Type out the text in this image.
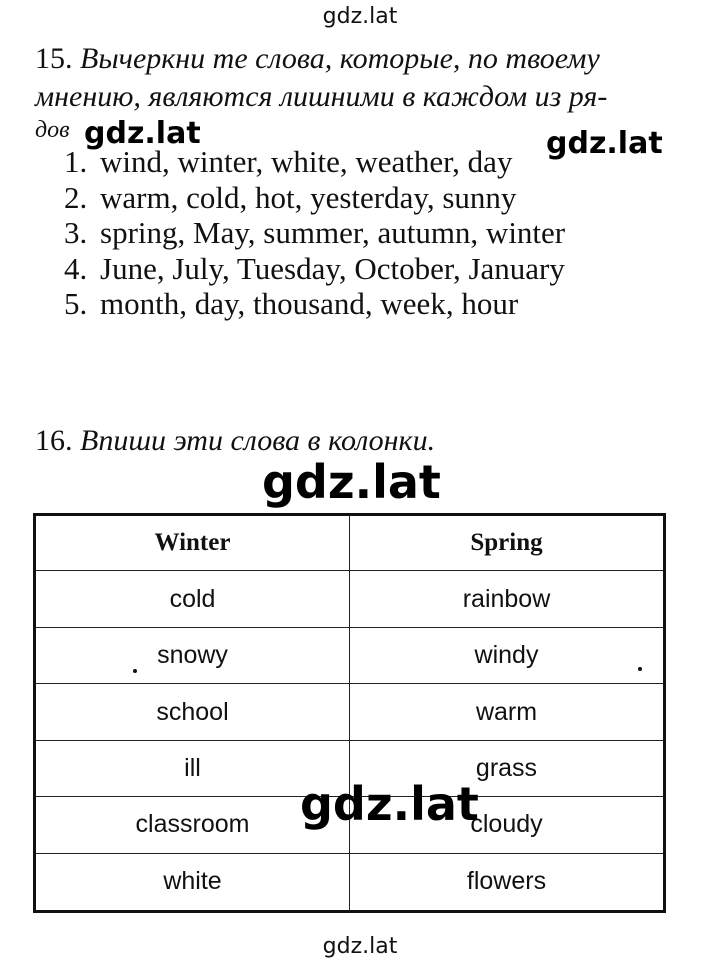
gdz.lat
15. Вычеркни те слова, которые, по твоему
мнению, являются лишними в каждом из ря-
дов gdz.lat	gdz.lat
1. wind, winter, white, weather, day
2. warm, cold, hot, yesterday, sunny
3. spring, May, summer, autumn, winter
4. June, July, Tuesday, October, January
5. month, day, thousand, week, hour
16. Впиши эти слова в колонки.
gdz.lat
Winter	Spring
cold	rainbow
snowy	windy
school	warm
ill	grass
classroom	cloudy
white	flowers
gdz.lat
gdz.lat
